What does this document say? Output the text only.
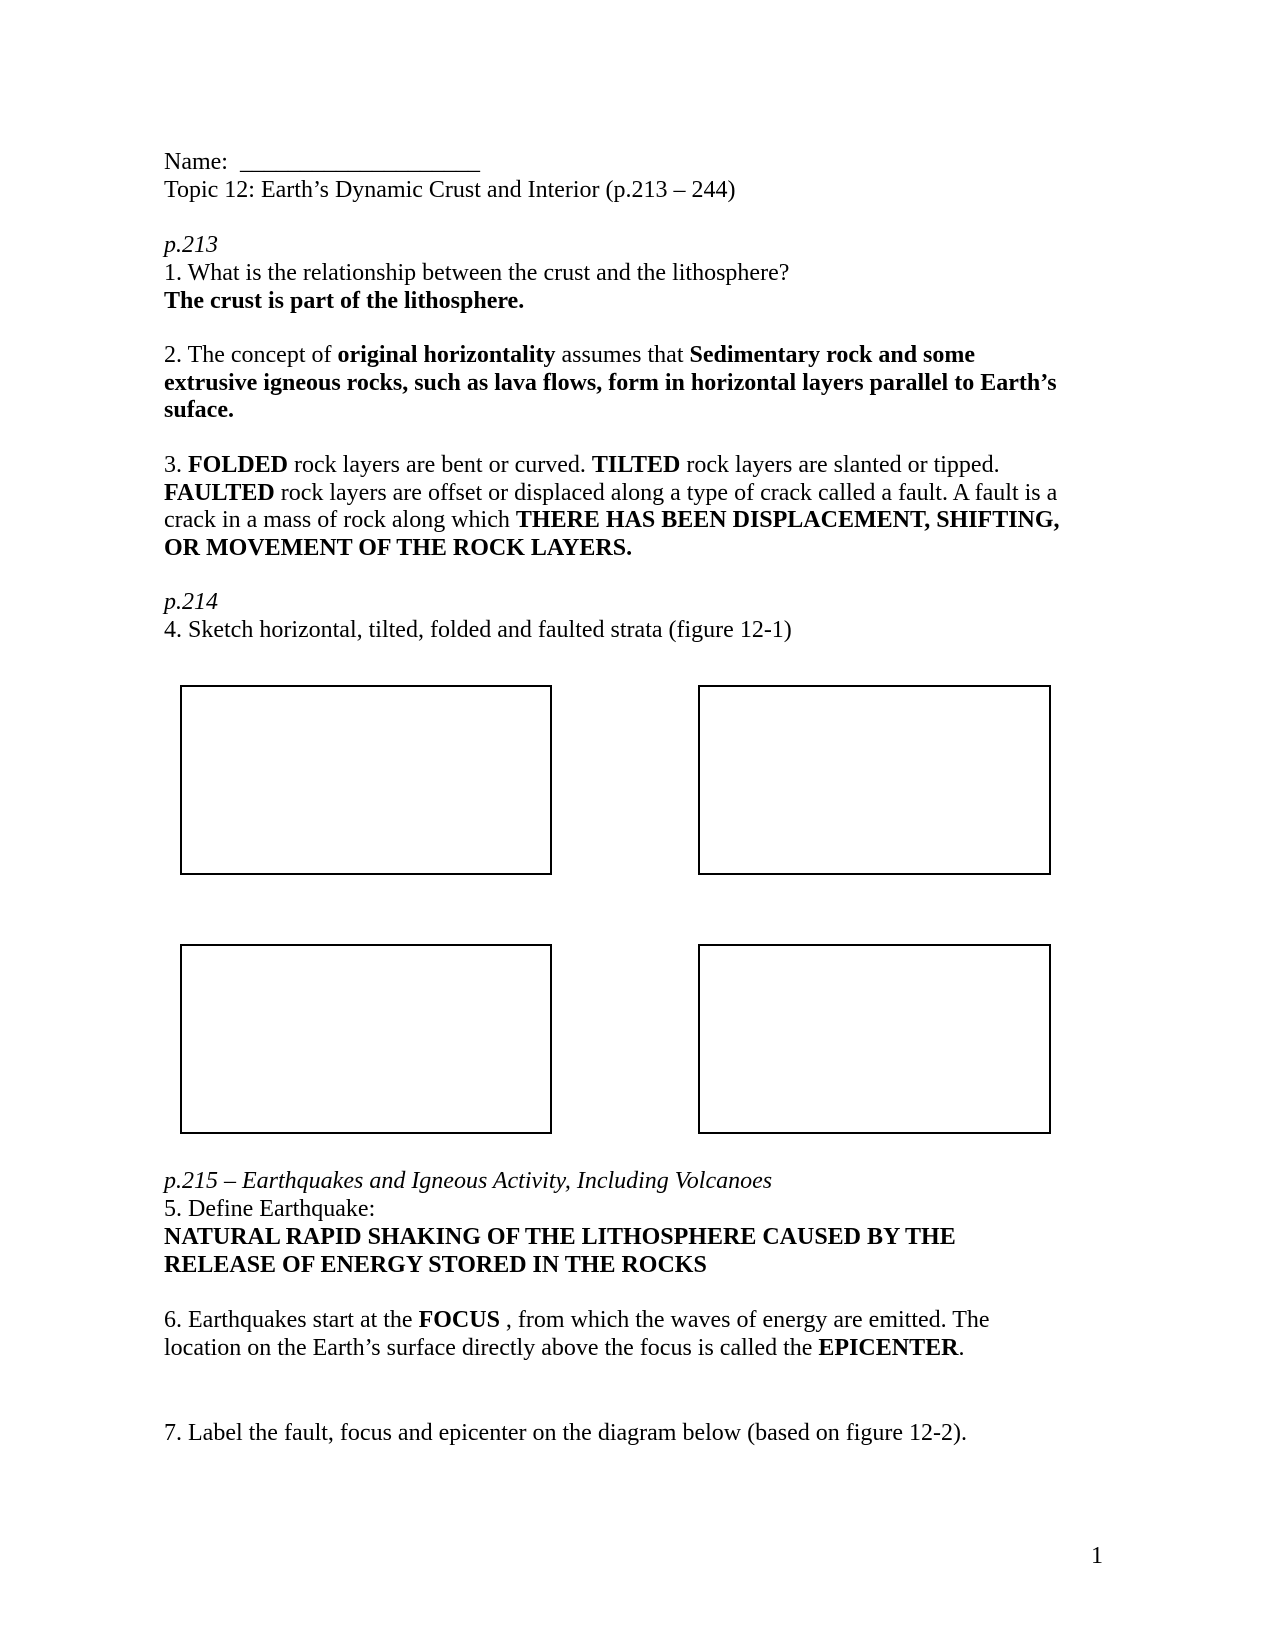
Name: ____________________

Topic 12: Earth’s Dynamic Crust and Interior (p.213 – 244)

p.213

1. What is the relationship between the crust and the lithosphere?

The crust is part of the lithosphere.

2. The concept of original horizontality assumes that Sedimentary rock and some

extrusive igneous rocks, such as lava flows, form in horizontal layers parallel to Earth’s

suface.

3. FOLDED rock layers are bent or curved. TILTED rock layers are slanted or tipped.

FAULTED rock layers are offset or displaced along a type of crack called a fault. A fault is a

crack in a mass of rock along which THERE HAS BEEN DISPLACEMENT, SHIFTING,

OR MOVEMENT OF THE ROCK LAYERS.

p.214

4. Sketch horizontal, tilted, folded and faulted strata (figure 12-1)

p.215 – Earthquakes and Igneous Activity, Including Volcanoes

5. Define Earthquake:

NATURAL RAPID SHAKING OF THE LITHOSPHERE CAUSED BY THE

RELEASE OF ENERGY STORED IN THE ROCKS

6. Earthquakes start at the FOCUS , from which the waves of energy are emitted. The

location on the Earth’s surface directly above the focus is called the EPICENTER.

7. Label the fault, focus and epicenter on the diagram below (based on figure 12-2).

1
